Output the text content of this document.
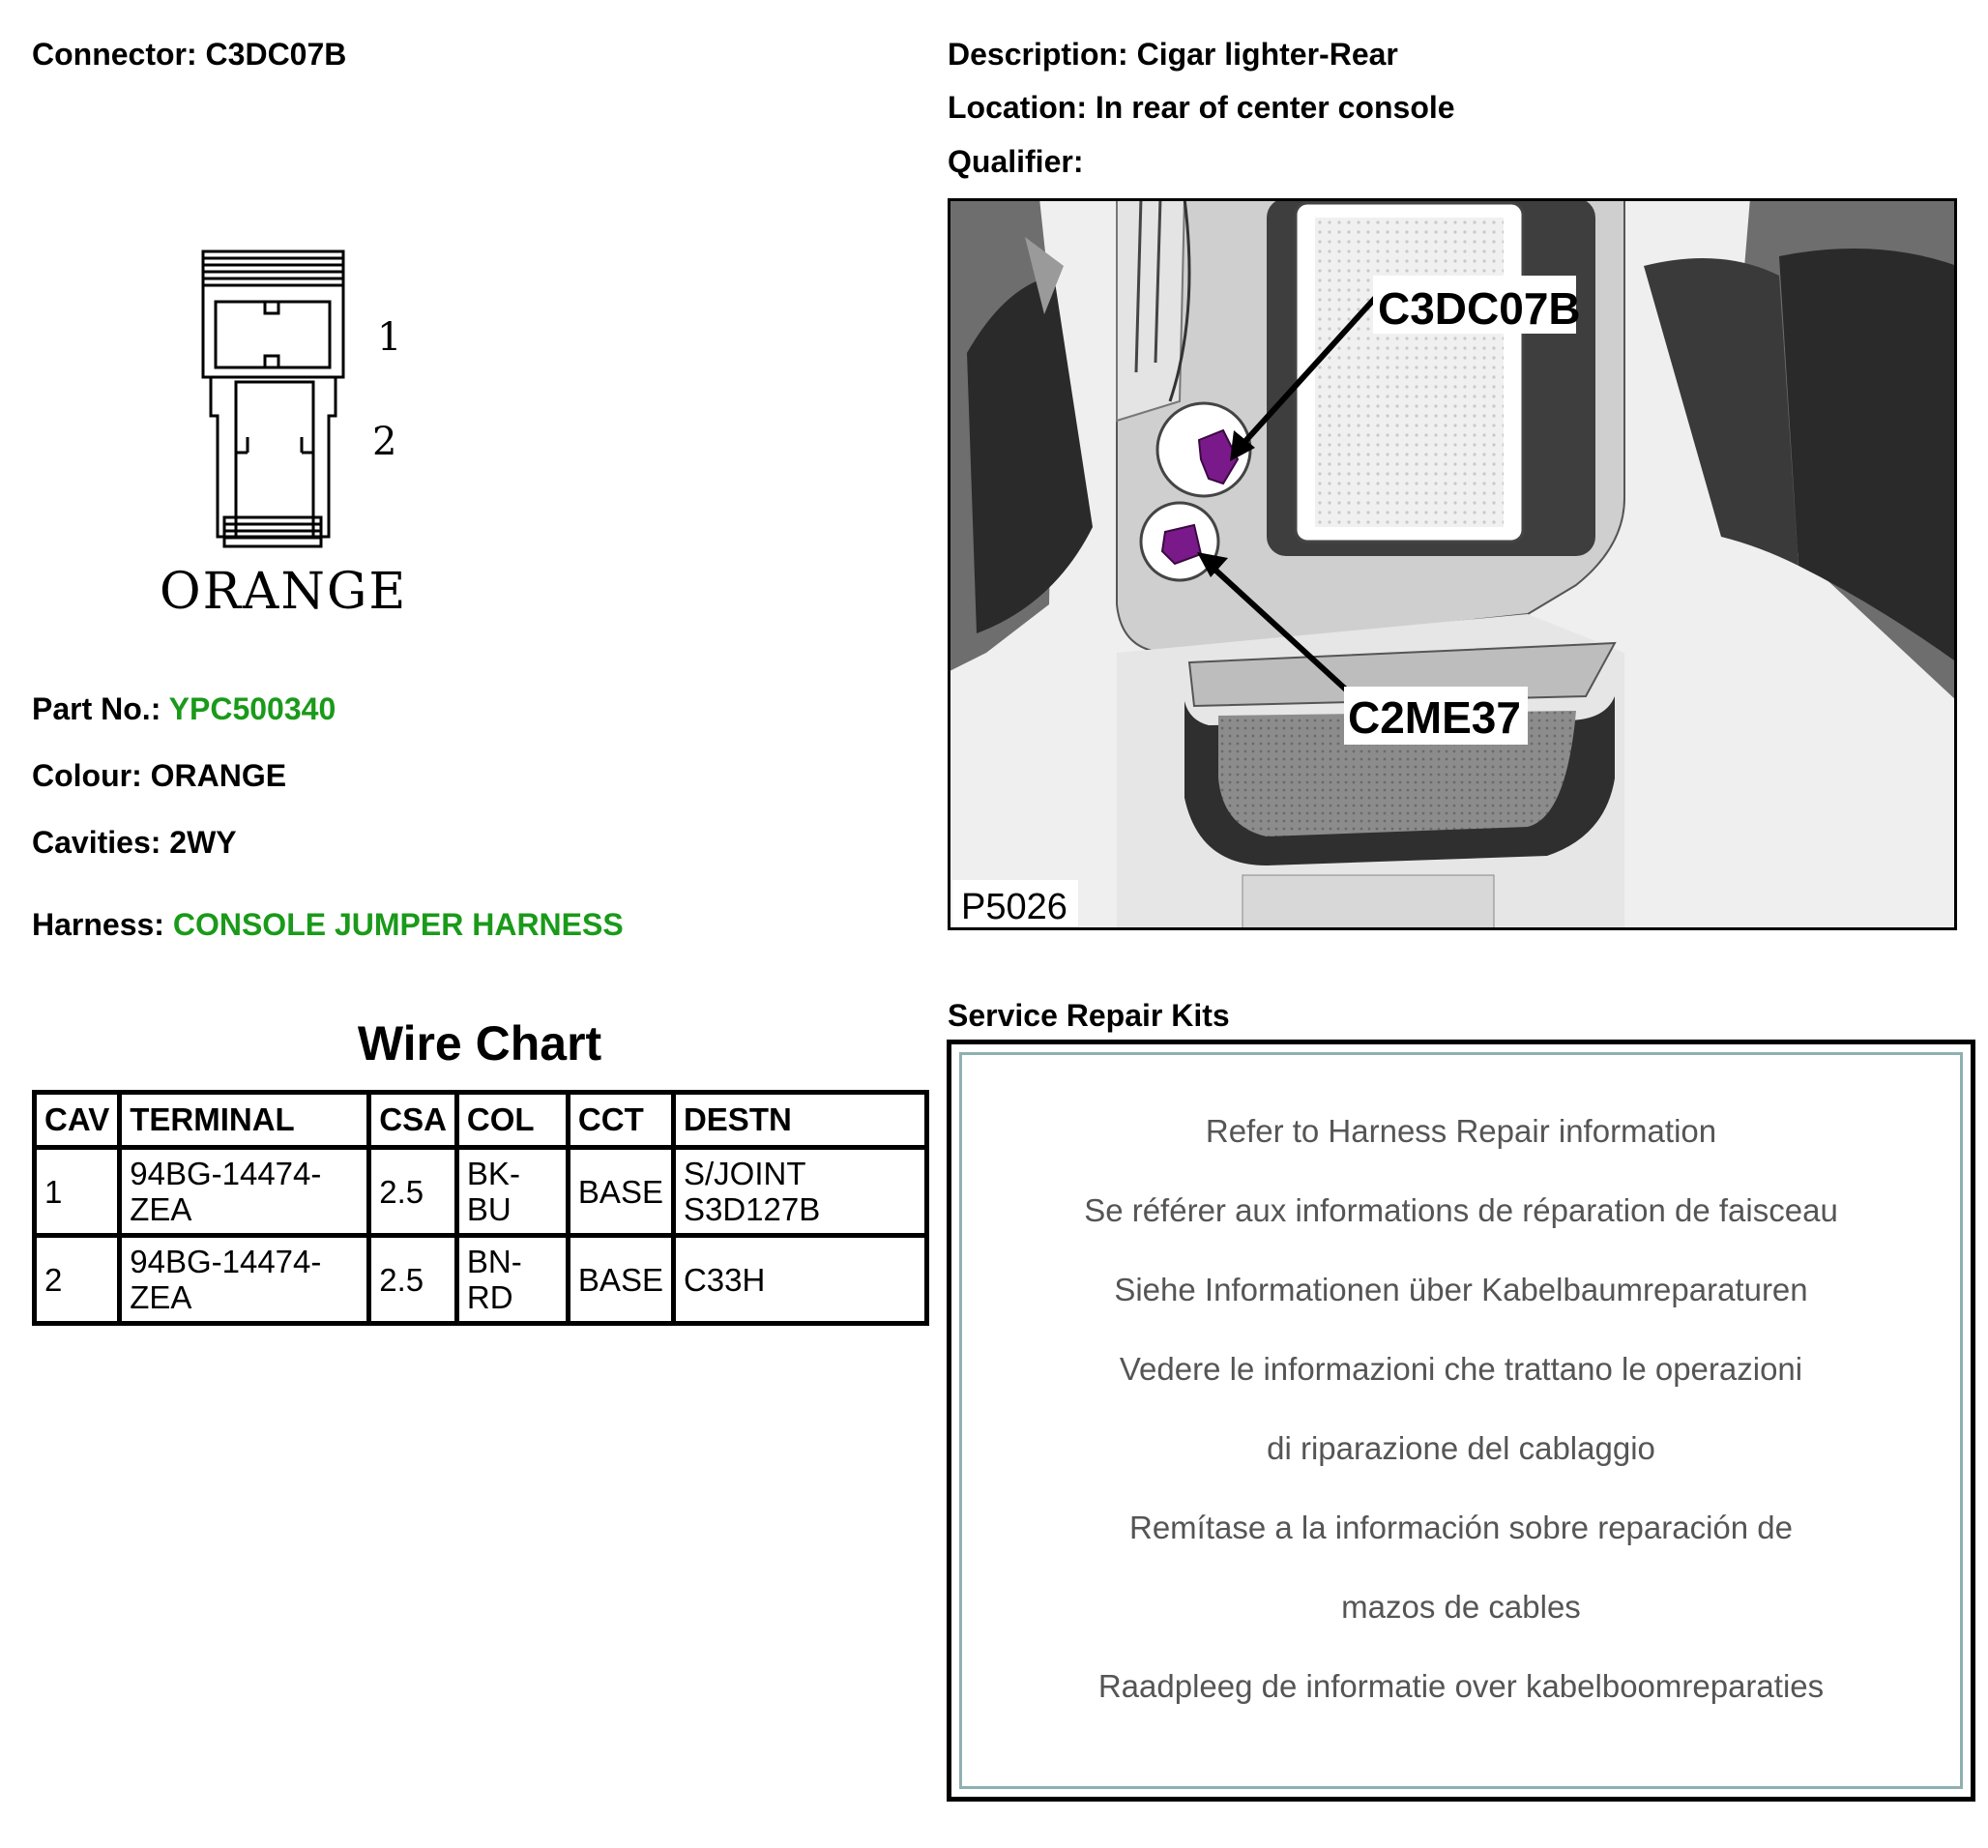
Connector: C3DC07B	Description: Cigar lighter-Rear
Location: In rear of center console
Qualifier:
1
2
ORANGE
Part No.: YPC500340
Colour: ORANGE
Cavities: 2WY
Harness: CONSOLE JUMPER HARNESS
C3DC07B
C2ME37
P5026
Wire Chart
CAV	TERMINAL	CSA	COL	CCT	DESTN
1	94BG-14474-ZEA	2.5	BK-BU	BASE	S/JOINT S3D127B
2	94BG-14474-ZEA	2.5	BN-RD	BASE	C33H
Service Repair Kits
Refer to Harness Repair information
Se référer aux informations de réparation de faisceau
Siehe Informationen über Kabelbaumreparaturen
Vedere le informazioni che trattano le operazioni
di riparazione del cablaggio
Remítase a la información sobre reparación de
mazos de cables
Raadpleeg de informatie over kabelboomreparaties
